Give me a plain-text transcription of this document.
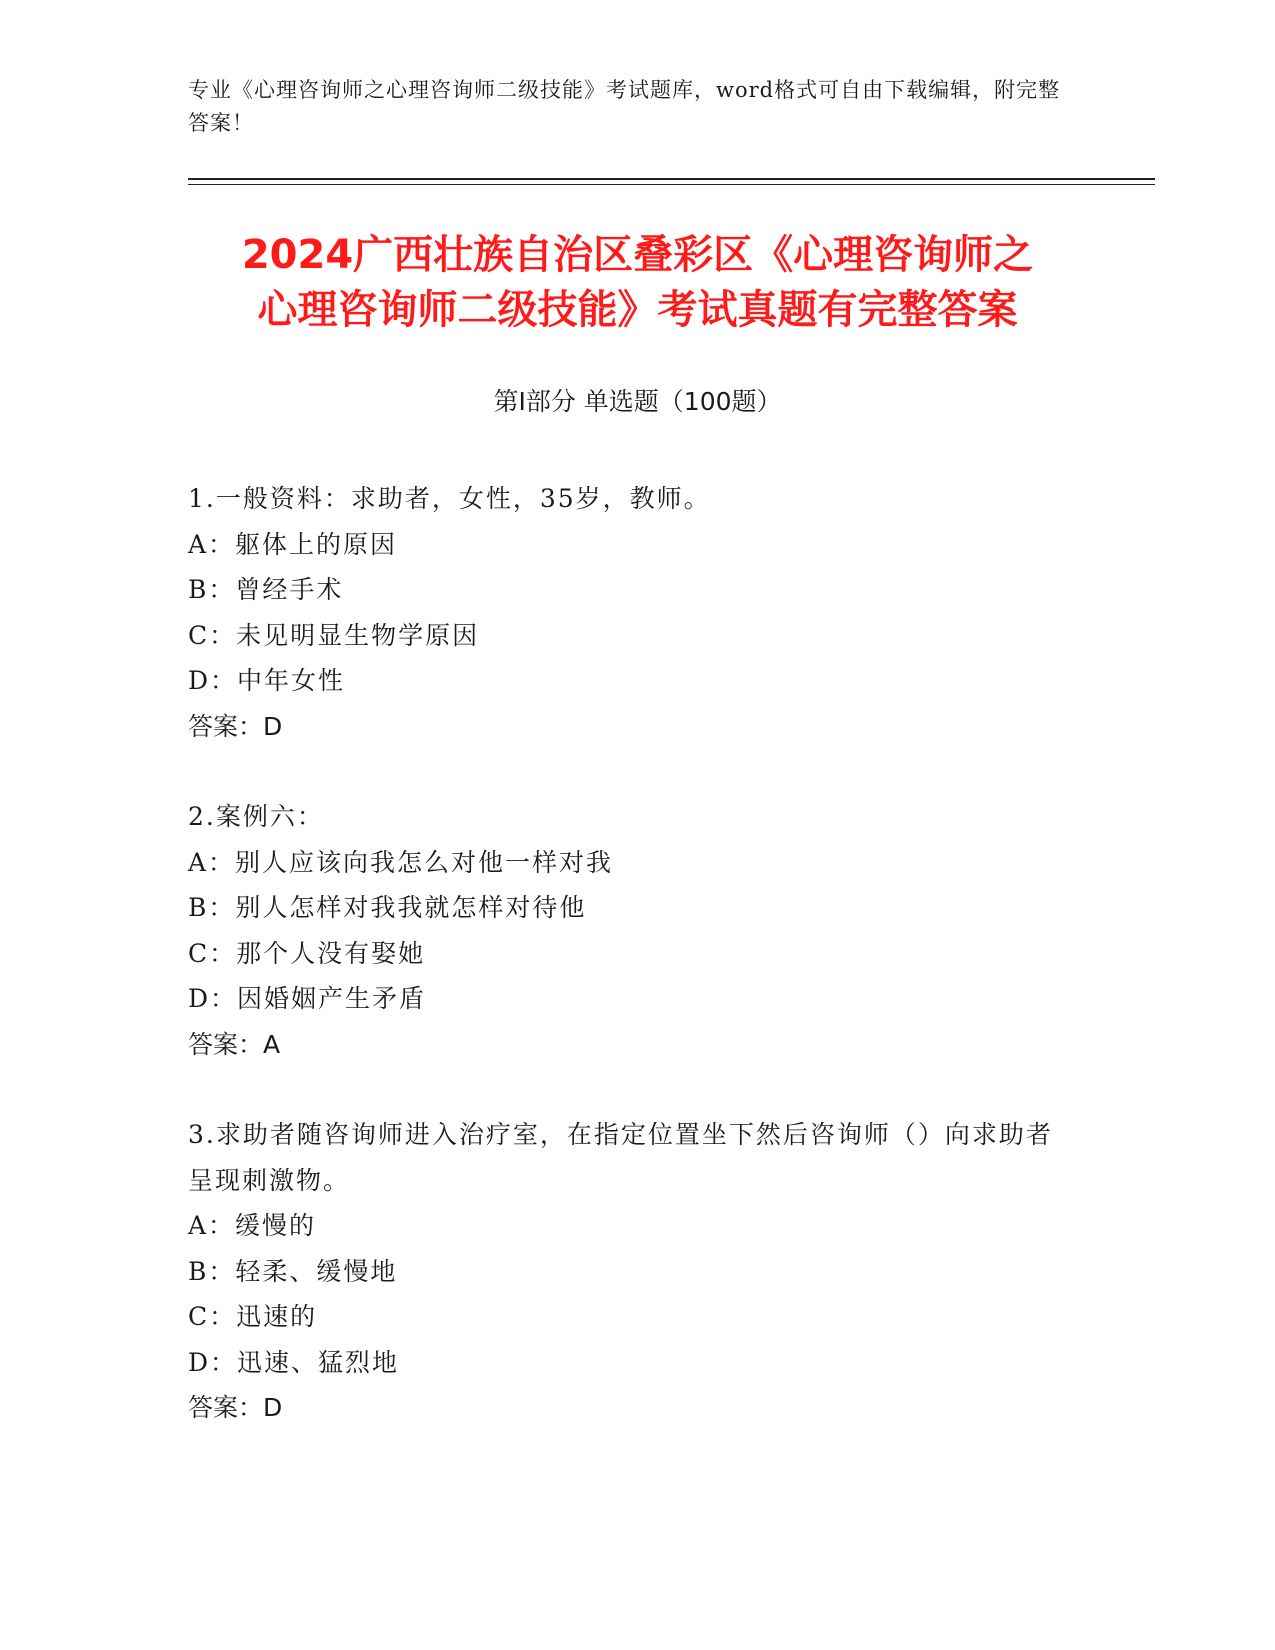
专业《心理咨询师之心理咨询师二级技能》考试题库，word格式可自由下载编辑，附完整答案！
2024广西壮族自治区叠彩区《心理咨询师之
心理咨询师二级技能》考试真题有完整答案
第Ⅰ部分 单选题（100题）
1.一般资料：求助者，女性，35岁，教师。
A：躯体上的原因
B：曾经手术
C：未见明显生物学原因
D：中年女性
答案：D
2.案例六：
A：别人应该向我怎么对他一样对我
B：别人怎样对我我就怎样对待他
C：那个人没有娶她
D：因婚姻产生矛盾
答案：A
3.求助者随咨询师进入治疗室，在指定位置坐下然后咨询师（）向求助者呈现刺激物。
A：缓慢的
B：轻柔、缓慢地
C：迅速的
D：迅速、猛烈地
答案：D
